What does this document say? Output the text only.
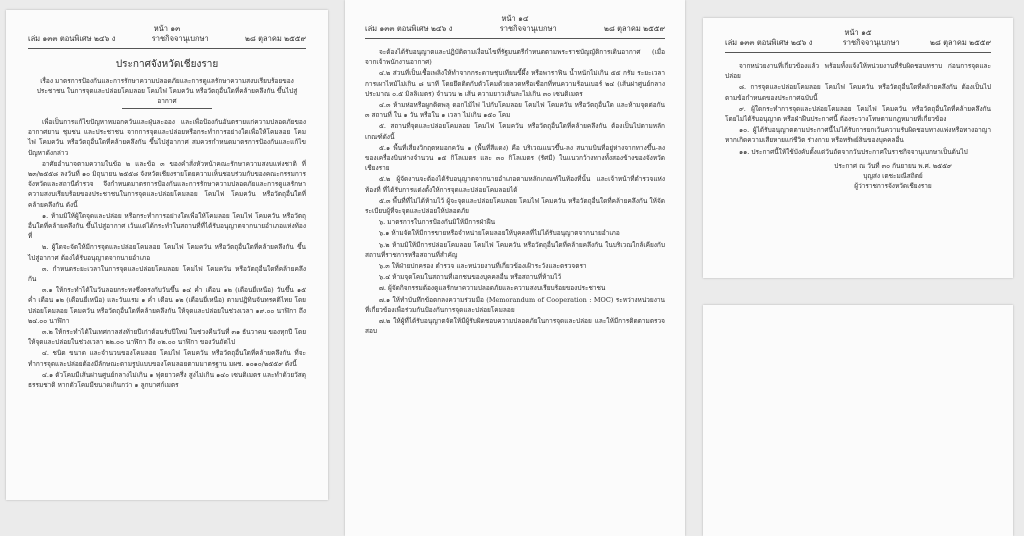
หน้า ๑๓
เล่ม ๑๓๓ ตอนพิเศษ ๒๔๖ ง	ราชกิจจานุเบกษา	๒๘ ตุลาคม ๒๕๕๙
ประกาศจังหวัดเชียงราย
เรื่อง มาตรการป้องกันและการรักษาความปลอดภัยและการดูแลรักษาความสงบเรียบร้อยของประชาชน ในการจุดและปล่อยโคมลอย โคมไฟ โคมควัน หรือวัตถุอื่นใดที่คล้ายคลึงกัน ขึ้นไปสู่อากาศ

เพื่อเป็นการแก้ไขปัญหาหมอกควันและฝุ่นละออง และเพื่อป้องกันอันตรายแก่ความปลอดภัยของอากาศยาน ชุมชน และประชาชน จากการจุดและปล่อยหรือกระทำการอย่างใดเพื่อให้โคมลอย โคมไฟ โคมควัน หรือวัตถุอื่นใดที่คล้ายคลึงกัน ขึ้นไปสู่อากาศ สมควรกำหนดมาตรการป้องกันและแก้ไขปัญหาดังกล่าว

อาศัยอำนาจตามความในข้อ ๒ และข้อ ๓ ของคำสั่งหัวหน้าคณะรักษาความสงบแห่งชาติ ที่ ๒๓/๒๕๕๘ ลงวันที่ ๑๐ มิถุนายน ๒๕๕๘ จังหวัดเชียงรายโดยความเห็นชอบร่วมกับของคณะกรรมการจังหวัดและสถานีตำรวจ จึงกำหนดมาตรการป้องกันและการรักษาความปลอดภัยและการดูแลรักษาความสงบเรียบร้อยของประชาชนในการจุดและปล่อยโคมลอย โคมไฟ โคมควัน หรือวัตถุอื่นใดที่คล้ายคลึงกัน ดังนี้

๑. ห้ามมิให้ผู้ใดจุดและปล่อย หรือกระทำการอย่างใดเพื่อให้โคมลอย โคมไฟ โคมควัน หรือวัตถุอื่นใดที่คล้ายคลึงกัน ขึ้นไปสู่อากาศ เว้นแต่ได้กระทำในสถานที่ที่ได้รับอนุญาตจากนายอำเภอแห่งท้องที่

๒. ผู้ใดจะจัดให้มีการจุดและปล่อยโคมลอย โคมไฟ โคมควัน หรือวัตถุอื่นใดที่คล้ายคลึงกัน ขึ้นไปสู่อากาศ ต้องได้รับอนุญาตจากนายอำเภอ

๓. กำหนดระยะเวลาในการจุดและปล่อยโคมลอย โคมไฟ โคมควัน หรือวัตถุอื่นใดที่คล้ายคลึงกัน

๓.๑ ให้กระทำได้ในวันลอยกระทงซึ่งตรงกับวันขึ้น ๑๔ ค่ำ เดือน ๑๒ (เดือนยี่เหนือ) วันขึ้น ๑๕ ค่ำ เดือน ๑๒ (เดือนยี่เหนือ) และวันแรม ๑ ค่ำ เดือน ๑๒ (เดือนยี่เหนือ) ตามปฏิทินจันทรคติไทย โดยปล่อยโคมลอย โคมควัน หรือวัตถุอื่นใดที่คล้ายคลึงกัน ให้จุดและปล่อยในช่วงเวลา ๑๙.๐๐ นาฬิกา ถึง ๒๔.๐๐ นาฬิกา

๓.๒ ให้กระทำได้ในเทศกาลส่งท้ายปีเก่าต้อนรับปีใหม่ ในช่วงคืนวันที่ ๓๑ ธันวาคม ของทุกปี โดยให้จุดและปล่อยในช่วงเวลา ๒๒.๐๐ นาฬิกา ถึง ๐๒.๐๐ นาฬิกา ของวันถัดไป

๔. ชนิด ขนาด และจำนวนของโคมลอย โคมไฟ โคมควัน หรือวัตถุอื่นใดที่คล้ายคลึงกัน ที่จะทำการจุดและปล่อยต้องมีลักษณะตามรูปแบบของโคมลอยตามมาตรฐาน มผช. ๑๐๑๐/๒๕๕๙ ดังนี้

๔.๑ ตัวโคมมีเส้นผ่านศูนย์กลางไม่เกิน ๑ ฟุตยาวครึ่ง สูงไม่เกิน ๑๔๐ เซนติเมตร และทำด้วยวัสดุธรรมชาติ หากตัวโคมมีขนาดเกินกว่า ๑ ลูกบาศก์เมตร

หน้า ๑๔
เล่ม ๑๓๓ ตอนพิเศษ ๒๔๖ ง	ราชกิจจานุเบกษา	๒๘ ตุลาคม ๒๕๕๙

จะต้องได้รับอนุญาตและปฏิบัติตามเงื่อนไขที่รัฐมนตรีกำหนดตามพระราชบัญญัติการเดินอากาศ (เมื่อจากเจ้าพนักงานอากาศ)

๔.๒ ส่วนที่เป็นเชื้อเพลิงให้ทำจากกระดาษชุบเทียนขี้ผึ้ง หรือพาราฟิน น้ำหนักไม่เกิน ๕๕ กรัม ระยะเวลาการเผาไหม้ไม่เกิน ๘ นาที โดยยึดติดกับตัวโคมด้วยลวดหรือเชือกที่ทนความร้อนเบอร์ ๒๔ (เส้นผ่าศูนย์กลางประมาณ ๐.๕ มิลลิเมตร) จำนวน ๒ เส้น ความยาวเส้นละไม่เกิน ๓๐ เซนติเมตร

๔.๓ ห้ามห่อหรือผูกติดพลุ ดอกไม้ไฟ ไปกับโคมลอย โคมไฟ โคมควัน หรือวัตถุอื่นใด และห้ามจุดต่อกัน ๓ สถานที่ ใน ๑ วัน หรือใน ๑ เวลา ไม่เกิน ๑๕๐ โคม

๕. สถานที่จุดและปล่อยโคมลอย โคมไฟ โคมควัน หรือวัตถุอื่นใดที่คล้ายคลึงกัน ต้องเป็นไปตามหลักเกณฑ์ดังนี้

๕.๑ พื้นที่เสี่ยงวิกฤตหมอกควัน ๑ (พื้นที่สีแดง) คือ บริเวณแนวขึ้น-ลง สนามบินที่อยู่ห่างจากทางขึ้น-ลงของเครื่องบินห่างจำนวน ๑๕ กิโลเมตร และ ๓๐ กิโลเมตร (รัศมี) ในแนวกว้างทางทั้งสองข้างของจังหวัดเชียงราย

๕.๒ ผู้จัดงานจะต้องได้รับอนุญาตจากนายอำเภอตามหลักเกณฑ์ในท้องที่นั้น และเจ้าหน้าที่ตำรวจแห่งท้องที่ ที่ได้รับการแต่งตั้งให้การจุดและปล่อยโคมลอยได้

๕.๓ พื้นที่ที่ไม่ได้ห้ามไว้ ผู้จะจุดและปล่อยโคมลอย โคมไฟ โคมควัน หรือวัตถุอื่นใดที่คล้ายคลึงกัน ให้จัดระเบียบผู้ที่จะจุดและปล่อยให้ปลอดภัย

๖. มาตรการในการป้องกันมิให้มีการฝ่าฝืน

๖.๑ ห้ามจัดให้มีการขายหรือจำหน่ายโคมลอยให้บุคคลที่ไม่ได้รับอนุญาตจากนายอำเภอ

๖.๒ ห้ามมิให้มีการปล่อยโคมลอย โคมไฟ โคมควัน หรือวัตถุอื่นใดที่คล้ายคลึงกัน ในบริเวณใกล้เคียงกับสถานที่ราชการหรือสถานที่สำคัญ

๖.๓ ให้ฝ่ายปกครอง ตำรวจ และหน่วยงานที่เกี่ยวข้องเฝ้าระวังและตรวจตรา

๖.๔ ห้ามจุดโคมในสถานที่เอกชนของบุคคลอื่น หรือสถานที่ห้ามไว้

๗. ผู้จัดกิจกรรมต้องดูแลรักษาความปลอดภัยและความสงบเรียบร้อยของประชาชน

๗.๑ ให้ทำบันทึกข้อตกลงความร่วมมือ (Memorandum of Cooperation : MOC) ระหว่างหน่วยงานที่เกี่ยวข้องเพื่อร่วมกันป้องกันการจุดและปล่อยโคมลอย

๗.๒ ให้ผู้ที่ได้รับอนุญาตจัดให้มีผู้รับผิดชอบความปลอดภัยในการจุดและปล่อย และให้มีการติดตามตรวจสอบ

หน้า ๑๕
เล่ม ๑๓๓ ตอนพิเศษ ๒๔๖ ง	ราชกิจจานุเบกษา	๒๘ ตุลาคม ๒๕๕๙

จากหน่วยงานที่เกี่ยวข้องแล้ว พร้อมทั้งแจ้งให้หน่วยงานที่รับผิดชอบทราบ ก่อนการจุดและปล่อย

๘. การจุดและปล่อยโคมลอย โคมไฟ โคมควัน หรือวัตถุอื่นใดที่คล้ายคลึงกัน ต้องเป็นไปตามข้อกำหนดของประกาศฉบับนี้

๙. ผู้ใดกระทำการจุดและปล่อยโคมลอย โคมไฟ โคมควัน หรือวัตถุอื่นใดที่คล้ายคลึงกัน โดยไม่ได้รับอนุญาต หรือฝ่าฝืนประกาศนี้ ต้องระวางโทษตามกฎหมายที่เกี่ยวข้อง

๑๐. ผู้ได้รับอนุญาตตามประกาศนี้ไม่ได้รับการยกเว้นความรับผิดชอบทางแพ่งหรือทางอาญา หากเกิดความเสียหายแก่ชีวิต ร่างกาย หรือทรัพย์สินของบุคคลอื่น

๑๑. ประกาศนี้ให้ใช้บังคับตั้งแต่วันถัดจากวันประกาศในราชกิจจานุเบกษาเป็นต้นไป

ประกาศ ณ วันที่ ๓๐ กันยายน พ.ศ. ๒๕๕๙
บุญส่ง เตชะมณีสถิตย์
ผู้ว่าราชการจังหวัดเชียงราย
